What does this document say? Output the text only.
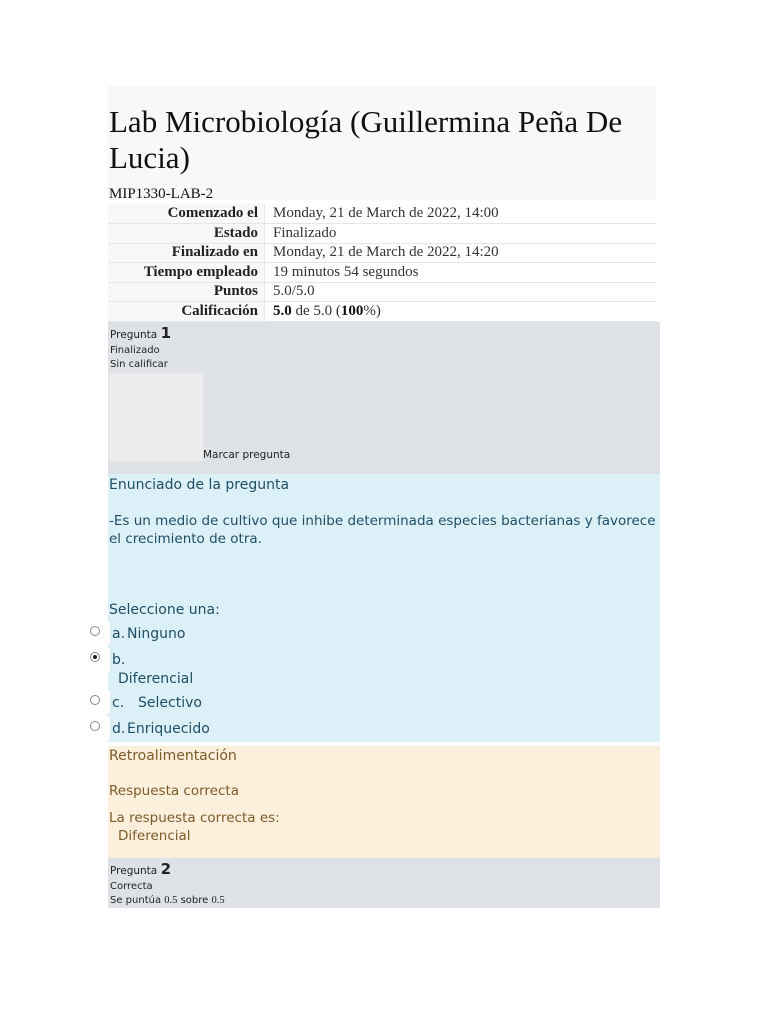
Lab Microbiología (Guillermina Peña De Lucia)
MIP1330-LAB-2
Comenzado el	Monday, 21 de March de 2022, 14:00
Estado	Finalizado
Finalizado en	Monday, 21 de March de 2022, 14:20
Tiempo empleado	19 minutos 54 segundos
Puntos	5.0/5.0
Calificación	5.0 de 5.0 (100%)
Pregunta 1
Finalizado
Sin calificar
Marcar pregunta
Enunciado de la pregunta
-Es un medio de cultivo que inhibe determinada especies bacterianas y favorece el crecimiento de otra.
Seleccione una:
a. Ninguno
b.
Diferencial
c. Selectivo
d. Enriquecido
Retroalimentación
Respuesta correcta
La respuesta correcta es:
Diferencial
Pregunta 2
Correcta
Se puntúa 0.5 sobre 0.5
